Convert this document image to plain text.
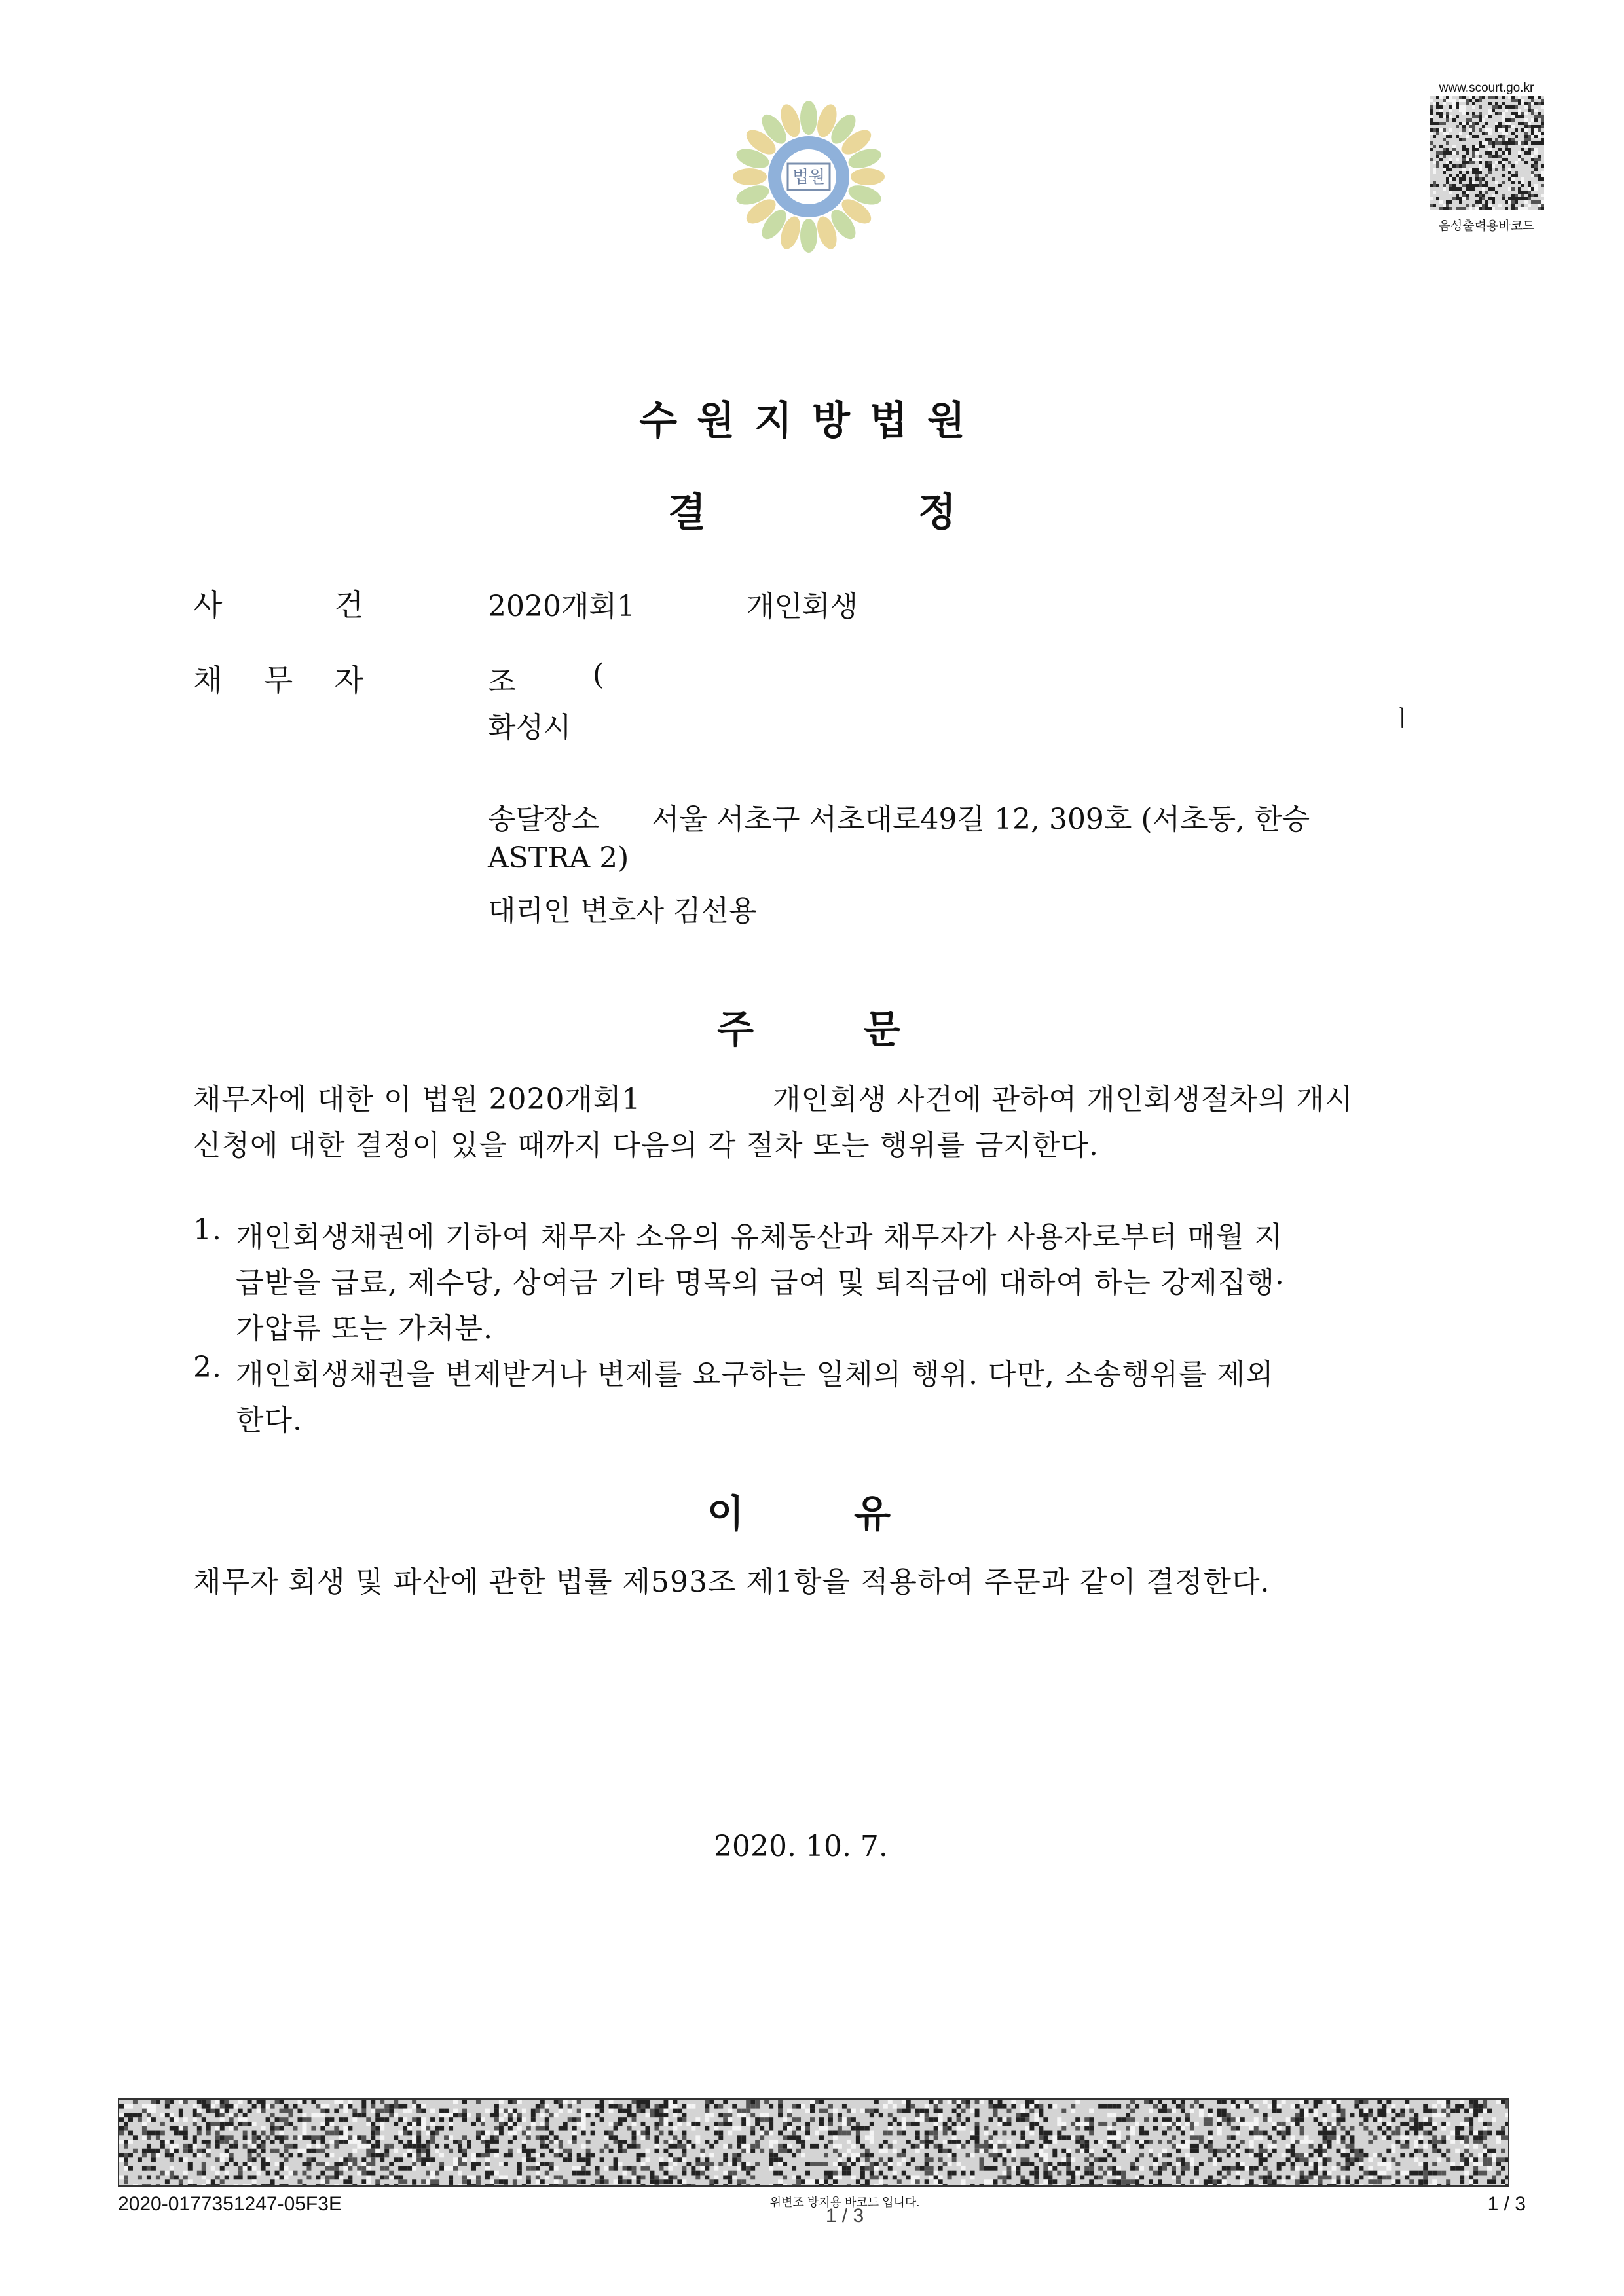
법원
www.scourt.go.kr
음성출력용바코드
수원지방법원
결	정
사	건	2020개회1	개인회생
채 무 자	조	(
화성시	ㅣ
송달장소 서울 서초구 서초대로49길 12, 309호 (서초동, 한승
ASTRA 2)
대리인 변호사 김선용
주	문
채무자에 대한 이 법원 2020개회1	개인회생 사건에 관하여 개인회생절차의 개시
신청에 대한 결정이 있을 때까지 다음의 각 절차 또는 행위를 금지한다.
1. 개인회생채권에 기하여 채무자 소유의 유체동산과 채무자가 사용자로부터 매월 지
급받을 급료, 제수당, 상여금 기타 명목의 급여 및 퇴직금에 대하여 하는 강제집행·
가압류 또는 가처분.
2. 개인회생채권을 변제받거나 변제를 요구하는 일체의 행위. 다만, 소송행위를 제외
한다.
이	유
채무자 회생 및 파산에 관한 법률 제593조 제1항을 적용하여 주문과 같이 결정한다.
2020. 10. 7.
2020-0177351247-05F3E	위변조 방지용 바코드 입니다.
1 / 3
1 / 3
